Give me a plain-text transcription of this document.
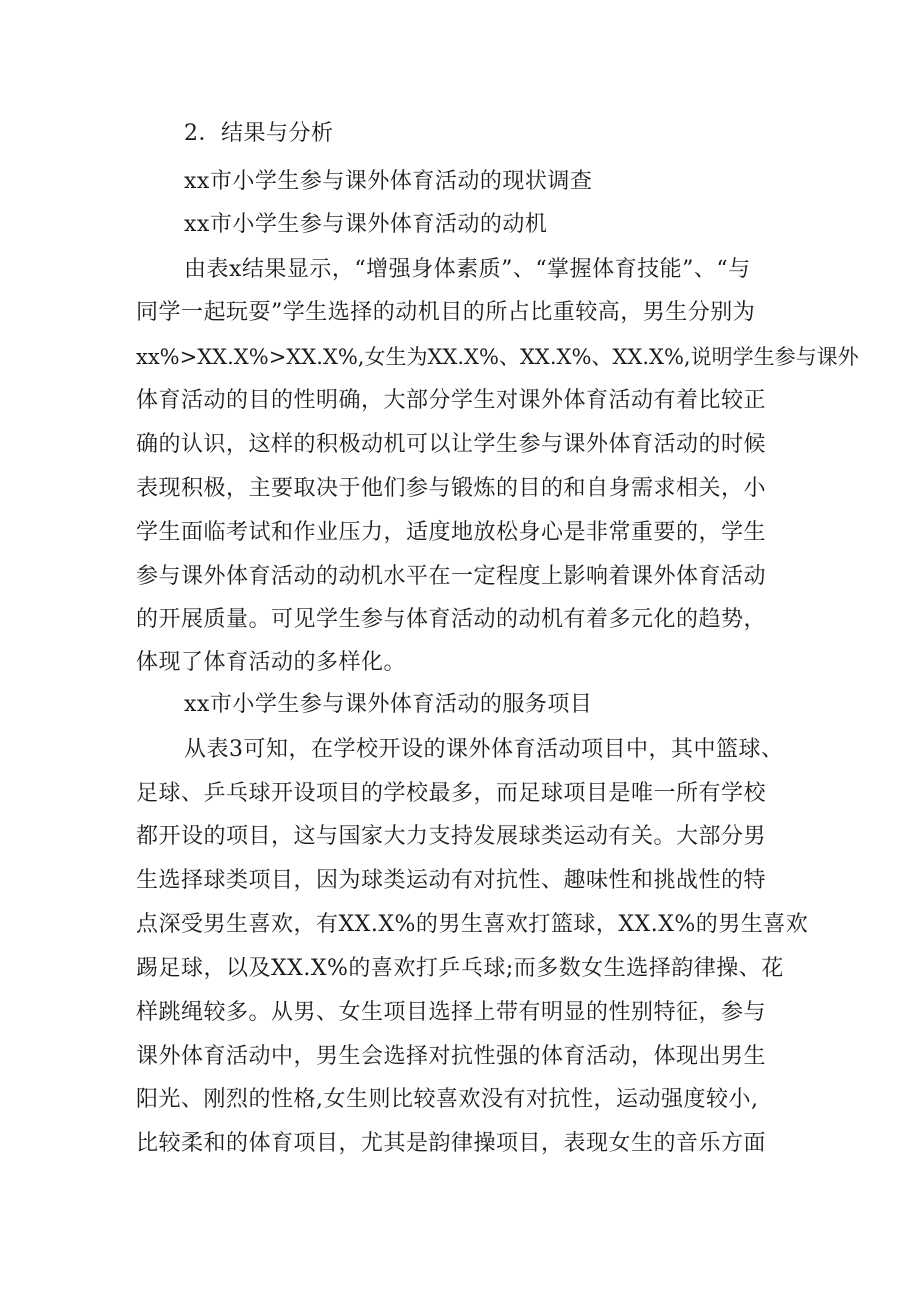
2．结果与分析
xx市小学生参与课外体育活动的现状调查
xx市小学生参与课外体育活动的动机
由表x结果显示，“增强身体素质”、“掌握体育技能”、“与
同学一起玩耍”学生选择的动机目的所占比重较高，男生分别为
xx%>XX.X%>XX.X%,女生为XX.X%、XX.X%、XX.X%,说明学生参与课外
体育活动的目的性明确，大部分学生对课外体育活动有着比较正
确的认识，这样的积极动机可以让学生参与课外体育活动的时候
表现积极，主要取决于他们参与锻炼的目的和自身需求相关，小
学生面临考试和作业压力，适度地放松身心是非常重要的，学生
参与课外体育活动的动机水平在一定程度上影响着课外体育活动
的开展质量。可见学生参与体育活动的动机有着多元化的趋势，
体现了体育活动的多样化。
xx市小学生参与课外体育活动的服务项目
从表3可知，在学校开设的课外体育活动项目中，其中篮球、
足球、乒乓球开设项目的学校最多，而足球项目是唯一所有学校
都开设的项目，这与国家大力支持发展球类运动有关。大部分男
生选择球类项目，因为球类运动有对抗性、趣味性和挑战性的特
点深受男生喜欢，有XX.X%的男生喜欢打篮球，XX.X%的男生喜欢
踢足球，以及XX.X%的喜欢打乒乓球;而多数女生选择韵律操、花
样跳绳较多。从男、女生项目选择上带有明显的性别特征，参与
课外体育活动中，男生会选择对抗性强的体育活动，体现出男生
阳光、刚烈的性格,女生则比较喜欢没有对抗性，运动强度较小,
比较柔和的体育项目，尤其是韵律操项目，表现女生的音乐方面
